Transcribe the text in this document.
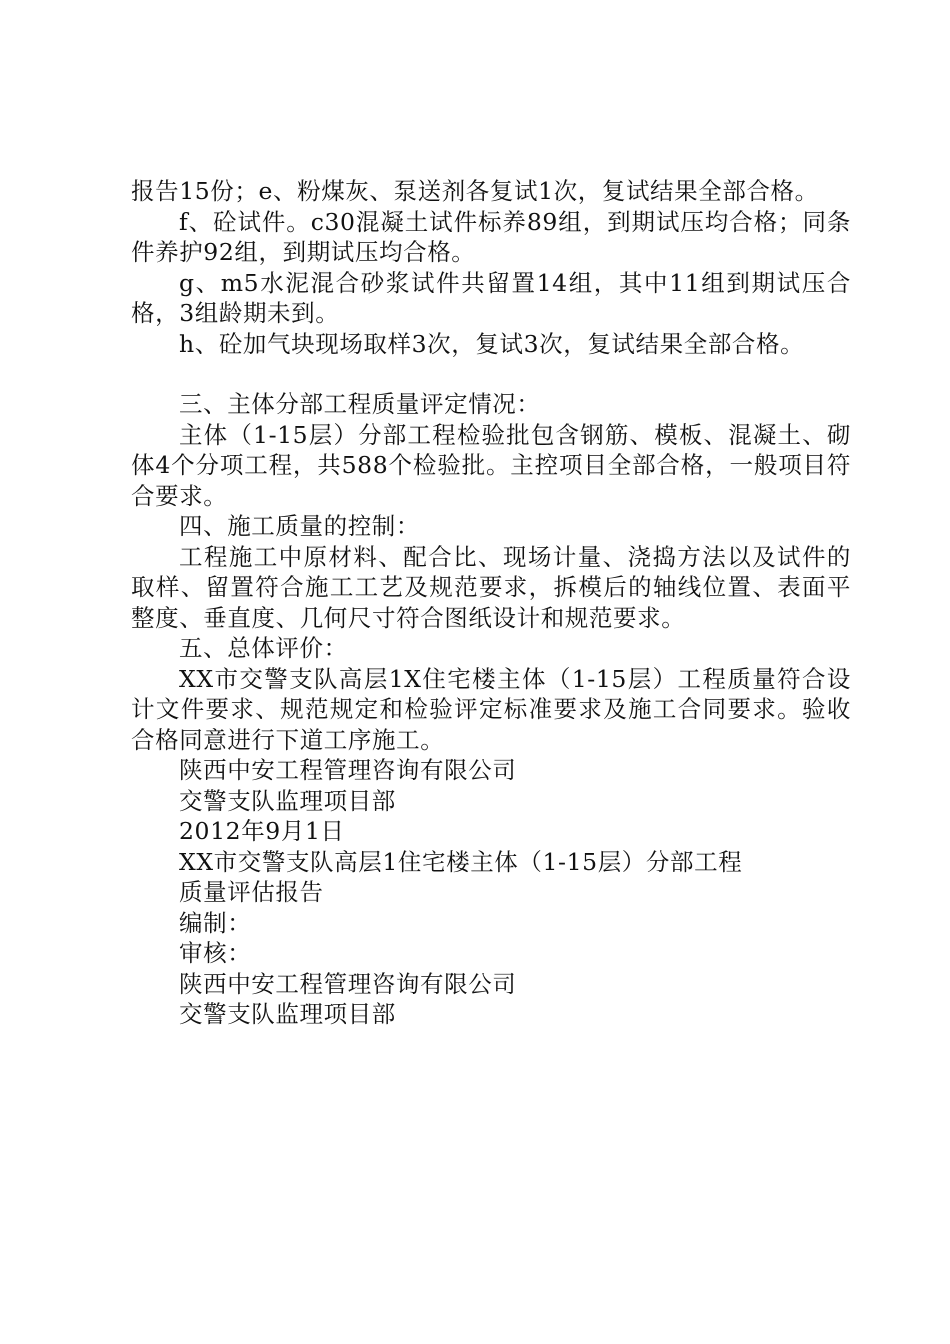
报告15份；e、粉煤灰、泵送剂各复试1次，复试结果全部合格。

f、砼试件。c30混凝土试件标养89组，到期试压均合格；同条件养护92组，到期试压均合格。

g、m5水泥混合砂浆试件共留置14组，其中11组到期试压合格，3组龄期未到。

h、砼加气块现场取样3次，复试3次，复试结果全部合格。

三、主体分部工程质量评定情况：

主体（1-15层）分部工程检验批包含钢筋、模板、混凝土、砌体4个分项工程，共588个检验批。主控项目全部合格，一般项目符合要求。

四、施工质量的控制：

工程施工中原材料、配合比、现场计量、浇捣方法以及试件的取样、留置符合施工工艺及规范要求，拆模后的轴线位置、表面平整度、垂直度、几何尺寸符合图纸设计和规范要求。

五、总体评价：

XX市交警支队高层1X住宅楼主体（1-15层）工程质量符合设计文件要求、规范规定和检验评定标准要求及施工合同要求。验收合格同意进行下道工序施工。

陕西中安工程管理咨询有限公司

交警支队监理项目部

2012年9月1日

XX市交警支队高层1住宅楼主体（1-15层）分部工程

质量评估报告

编制：

审核：

陕西中安工程管理咨询有限公司

交警支队监理项目部
